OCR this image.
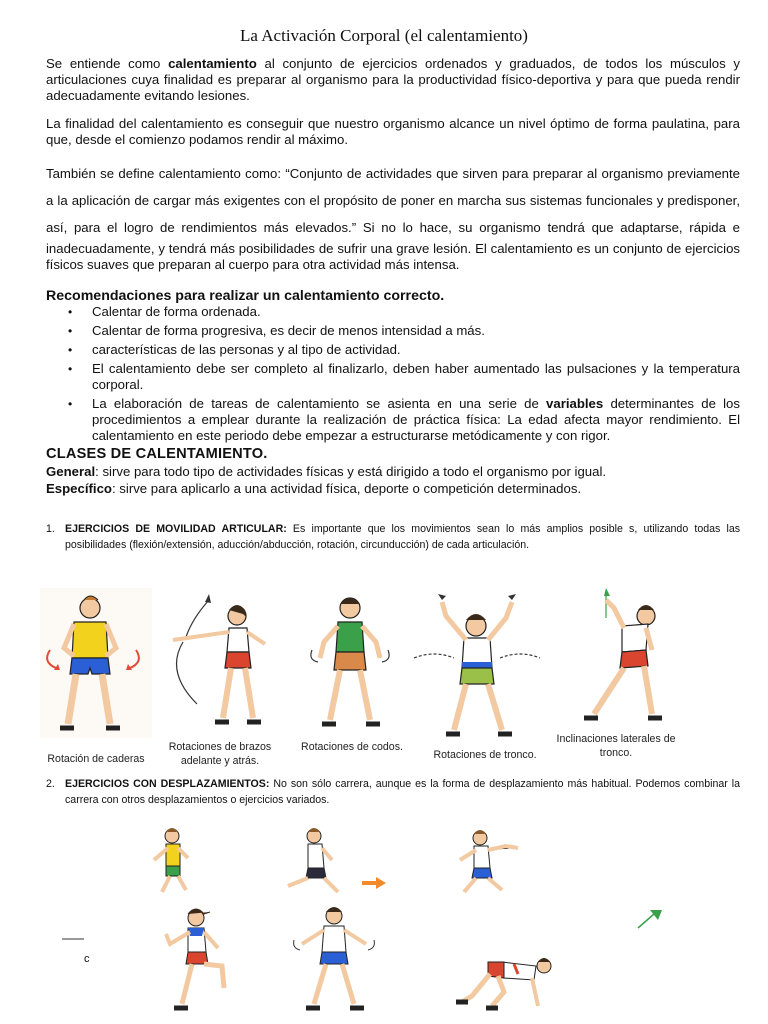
La Activación Corporal (el calentamiento)
Se entiende como calentamiento al conjunto de ejercicios ordenados y graduados, de todos los músculos y articulaciones cuya finalidad es preparar al organismo para la productividad físico-deportiva y para que pueda rendir adecuadamente evitando lesiones.
La finalidad del calentamiento es conseguir que nuestro organismo alcance un nivel óptimo de forma paulatina, para que, desde el comienzo podamos rendir al máximo.
También se define calentamiento como: “Conjunto de actividades que sirven para preparar al organismo previamente a la aplicación de cargar más exigentes con el propósito de poner en marcha sus sistemas funcionales y predisponer, así, para el logro de rendimientos más elevados.” Si no lo hace, su organismo tendrá que adaptarse, rápida e inadecuadamente, y tendrá más posibilidades de sufrir una grave lesión. El calentamiento es un conjunto de ejercicios físicos suaves que preparan al cuerpo para otra actividad más intensa.
Recomendaciones para realizar un calentamiento correcto.
• Calentar de forma ordenada.
• Calentar de forma progresiva, es decir de menos intensidad a más.
• características de las personas y al tipo de actividad.
• El calentamiento debe ser completo al finalizarlo, deben haber aumentado las pulsaciones y la temperatura corporal.
• La elaboración de tareas de calentamiento se asienta en una serie de variables determinantes de los procedimientos a emplear durante la realización de práctica física: La edad afecta mayor rendimiento. El calentamiento en este periodo debe empezar a estructurarse metódicamente y con rigor.
CLASES DE CALENTAMIENTO.
General: sirve para todo tipo de actividades físicas y está dirigido a todo el organismo por igual.
Específico: sirve para aplicarlo a una actividad física, deporte o competición determinados.
1. EJERCICIOS DE MOVILIDAD ARTICULAR: Es importante que los movimientos sean lo más amplios posible s, utilizando todas las posibilidades (flexión/extensión, aducción/abducción, rotación, circunducción) de cada articulación.
Rotación de caderas
Rotaciones de brazos adelante y atrás.
Rotaciones de codos.
Rotaciones de tronco.
Inclinaciones laterales de tronco.
2. EJERCICIOS CON DESPLAZAMIENTOS: No son sólo carrera, aunque es la forma de desplazamiento más habitual. Podemos combinar la carrera con otros desplazamientos o ejercicios variados.
c
